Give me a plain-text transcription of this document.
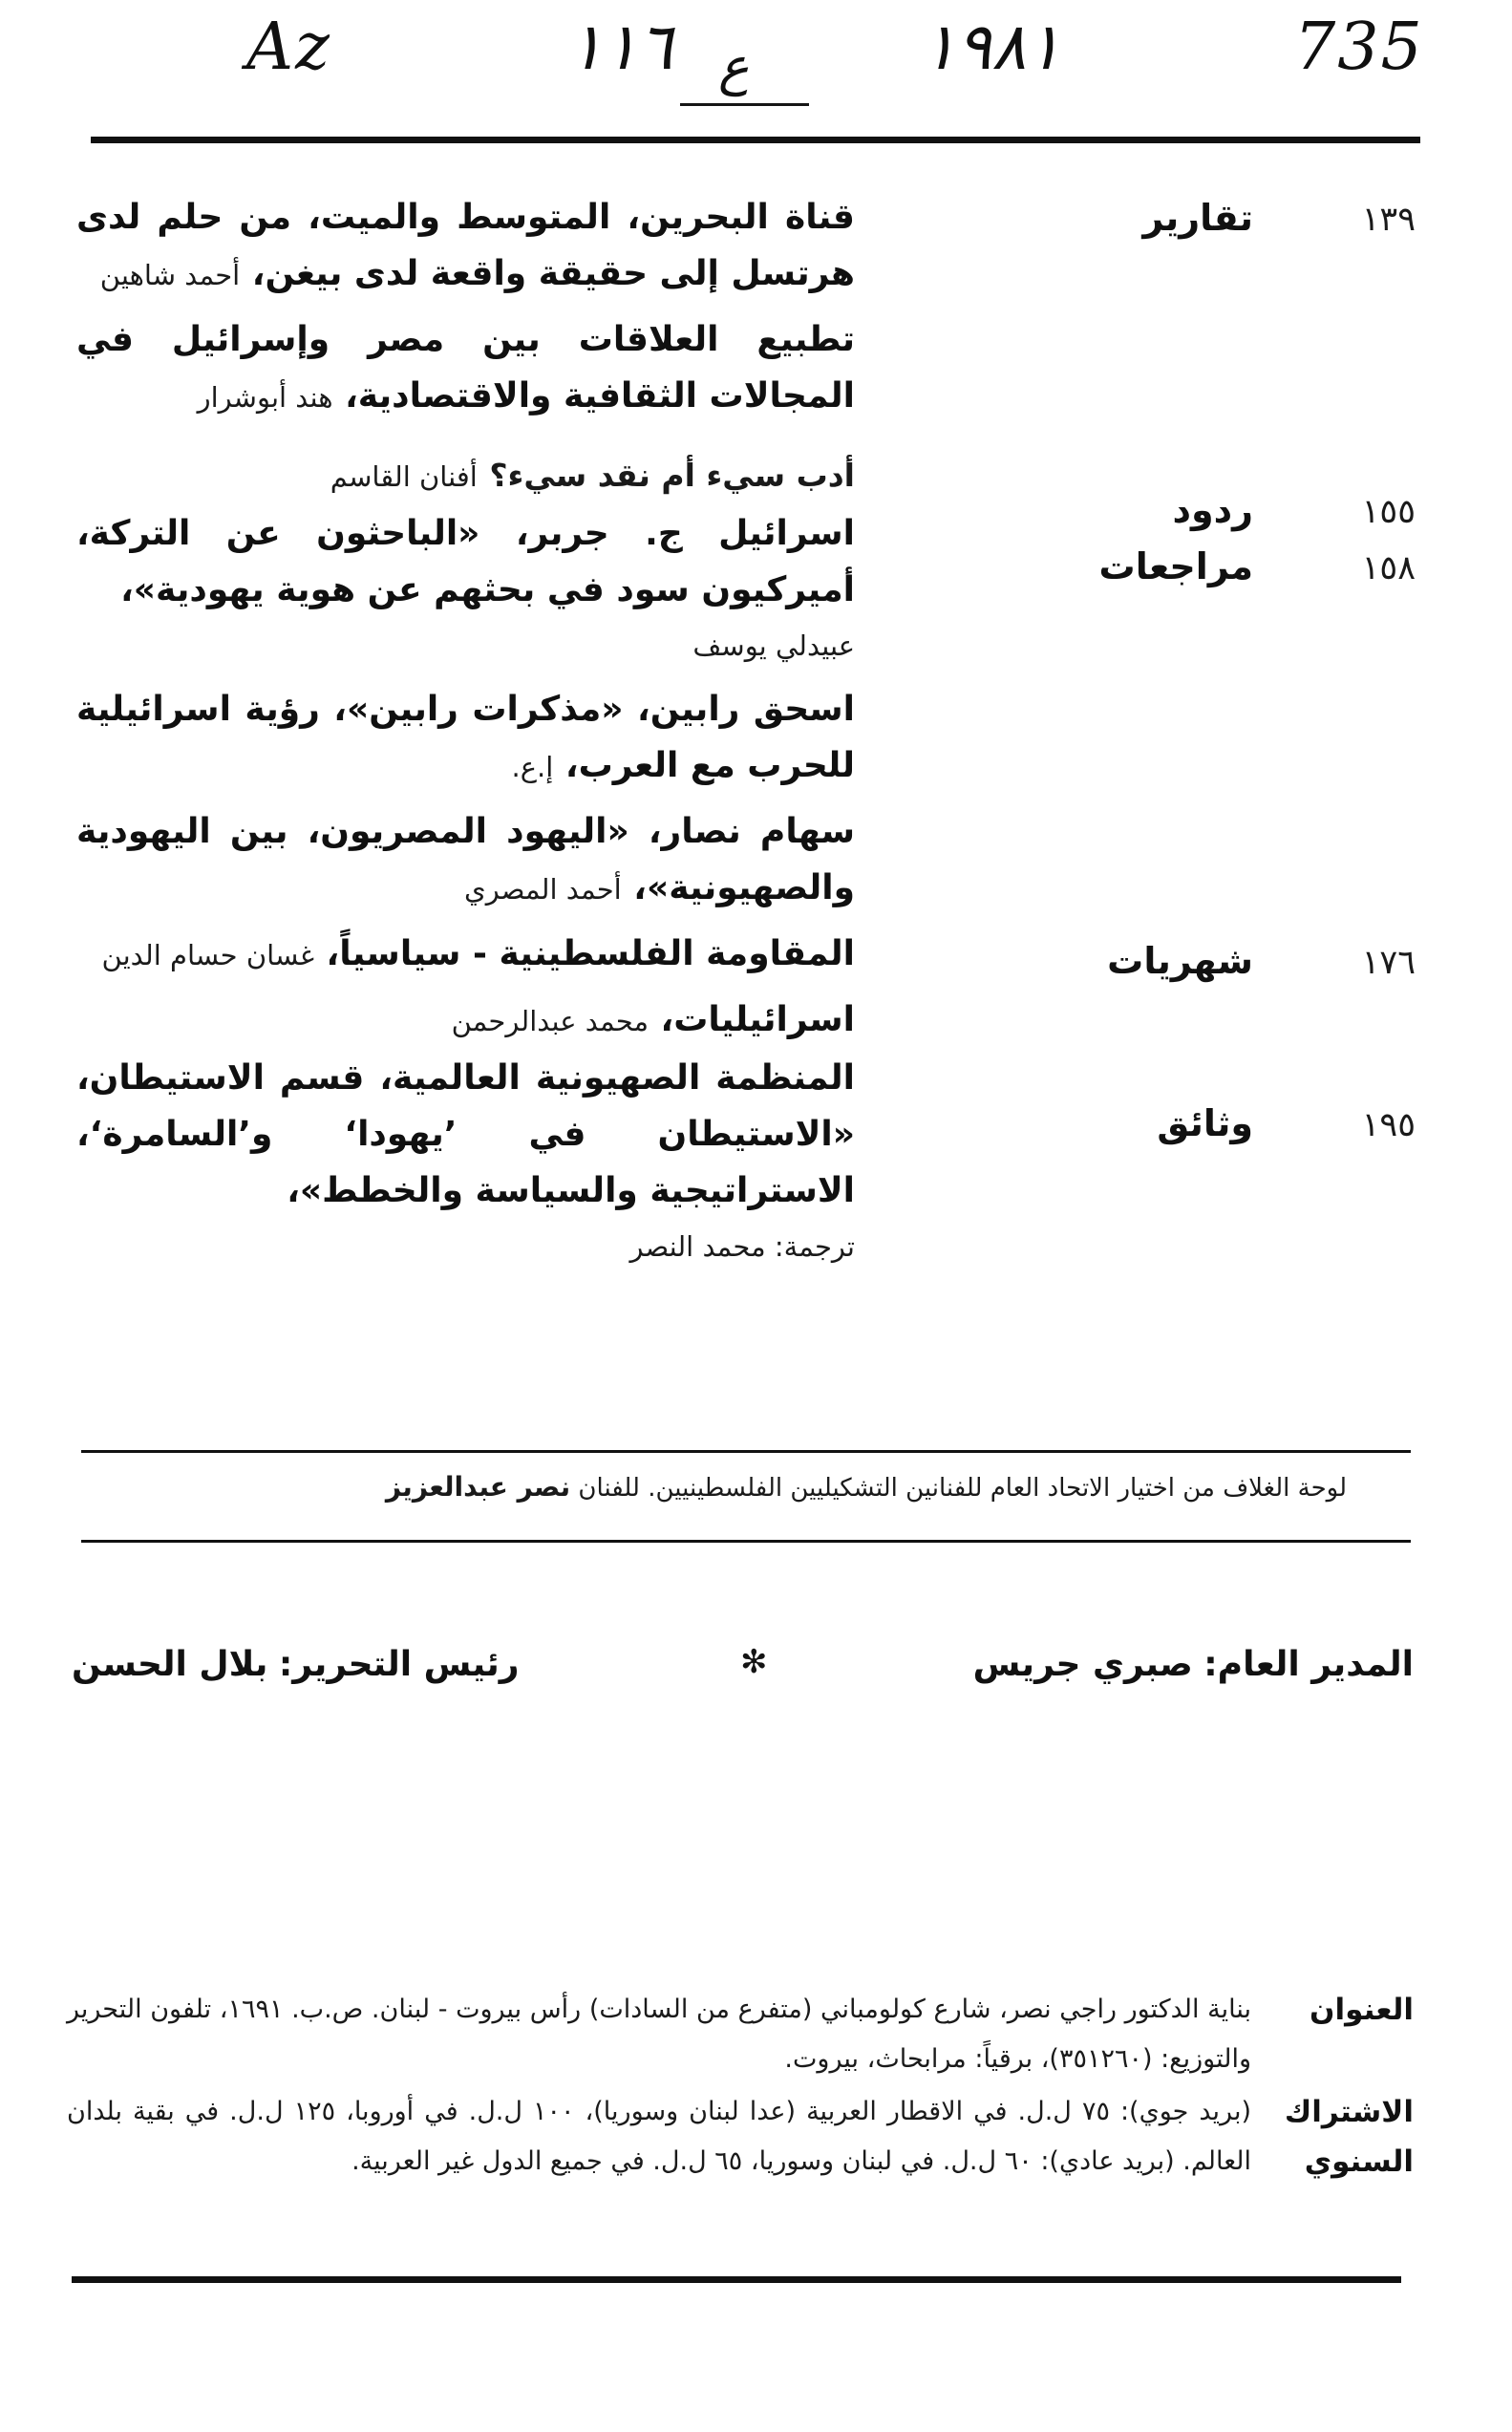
735
١٩٨١
ع
١١٦
Az
١٣٩
تقارير
١٥٥
ردود
١٥٨
مراجعات
١٧٦
شهريات
١٩٥
وثائق
قناة البحرين، المتوسط والميت، من حلم لدى هرتسل إلى حقيقة واقعة لدى بيغن، أحمد شاهين
تطبيع العلاقات بين مصر وإسرائيل في المجالات الثقافية والاقتصادية، هند أبوشرار
أدب سيء أم نقد سيء؟ أفنان القاسم
اسرائيل ج. جربر، «الباحثون عن التركة، أميركيون سود في بحثهم عن هوية يهودية»،
عبيدلي يوسف
اسحق رابين، «مذكرات رابين»، رؤية اسرائيلية للحرب مع العرب، إ.ع.
سهام نصار، «اليهود المصريون، بين اليهودية والصهيونية»، أحمد المصري
المقاومة الفلسطينية - سياسياً، غسان حسام الدين
اسرائيليات، محمد عبدالرحمن
المنظمة الصهيونية العالمية، قسم الاستيطان، «الاستيطان في ’يهودا‘ و’السامرة‘، الاستراتيجية والسياسة والخطط»،
ترجمة: محمد النصر
لوحة الغلاف من اختيار الاتحاد العام للفنانين التشكيليين الفلسطينيين. للفنان نصر عبدالعزيز
المدير العام: صبري جريس
✻
رئيس التحرير: بلال الحسن
العنوان
بناية الدكتور راجي نصر، شارع كولومباني (متفرع من السادات) رأس بيروت - لبنان. ص.ب. ١٦٩١، تلفون التحرير والتوزيع: (٣٥١٢٦٠)، برقياً: مرابحاث، بيروت.
الاشتراك
السنوي
(بريد جوي): ٧٥ ل.ل. في الاقطار العربية (عدا لبنان وسوريا)، ١٠٠ ل.ل. في أوروبا، ١٢٥ ل.ل. في بقية بلدان العالم. (بريد عادي): ٦٠ ل.ل. في لبنان وسوريا، ٦٥ ل.ل. في جميع الدول غير العربية.
